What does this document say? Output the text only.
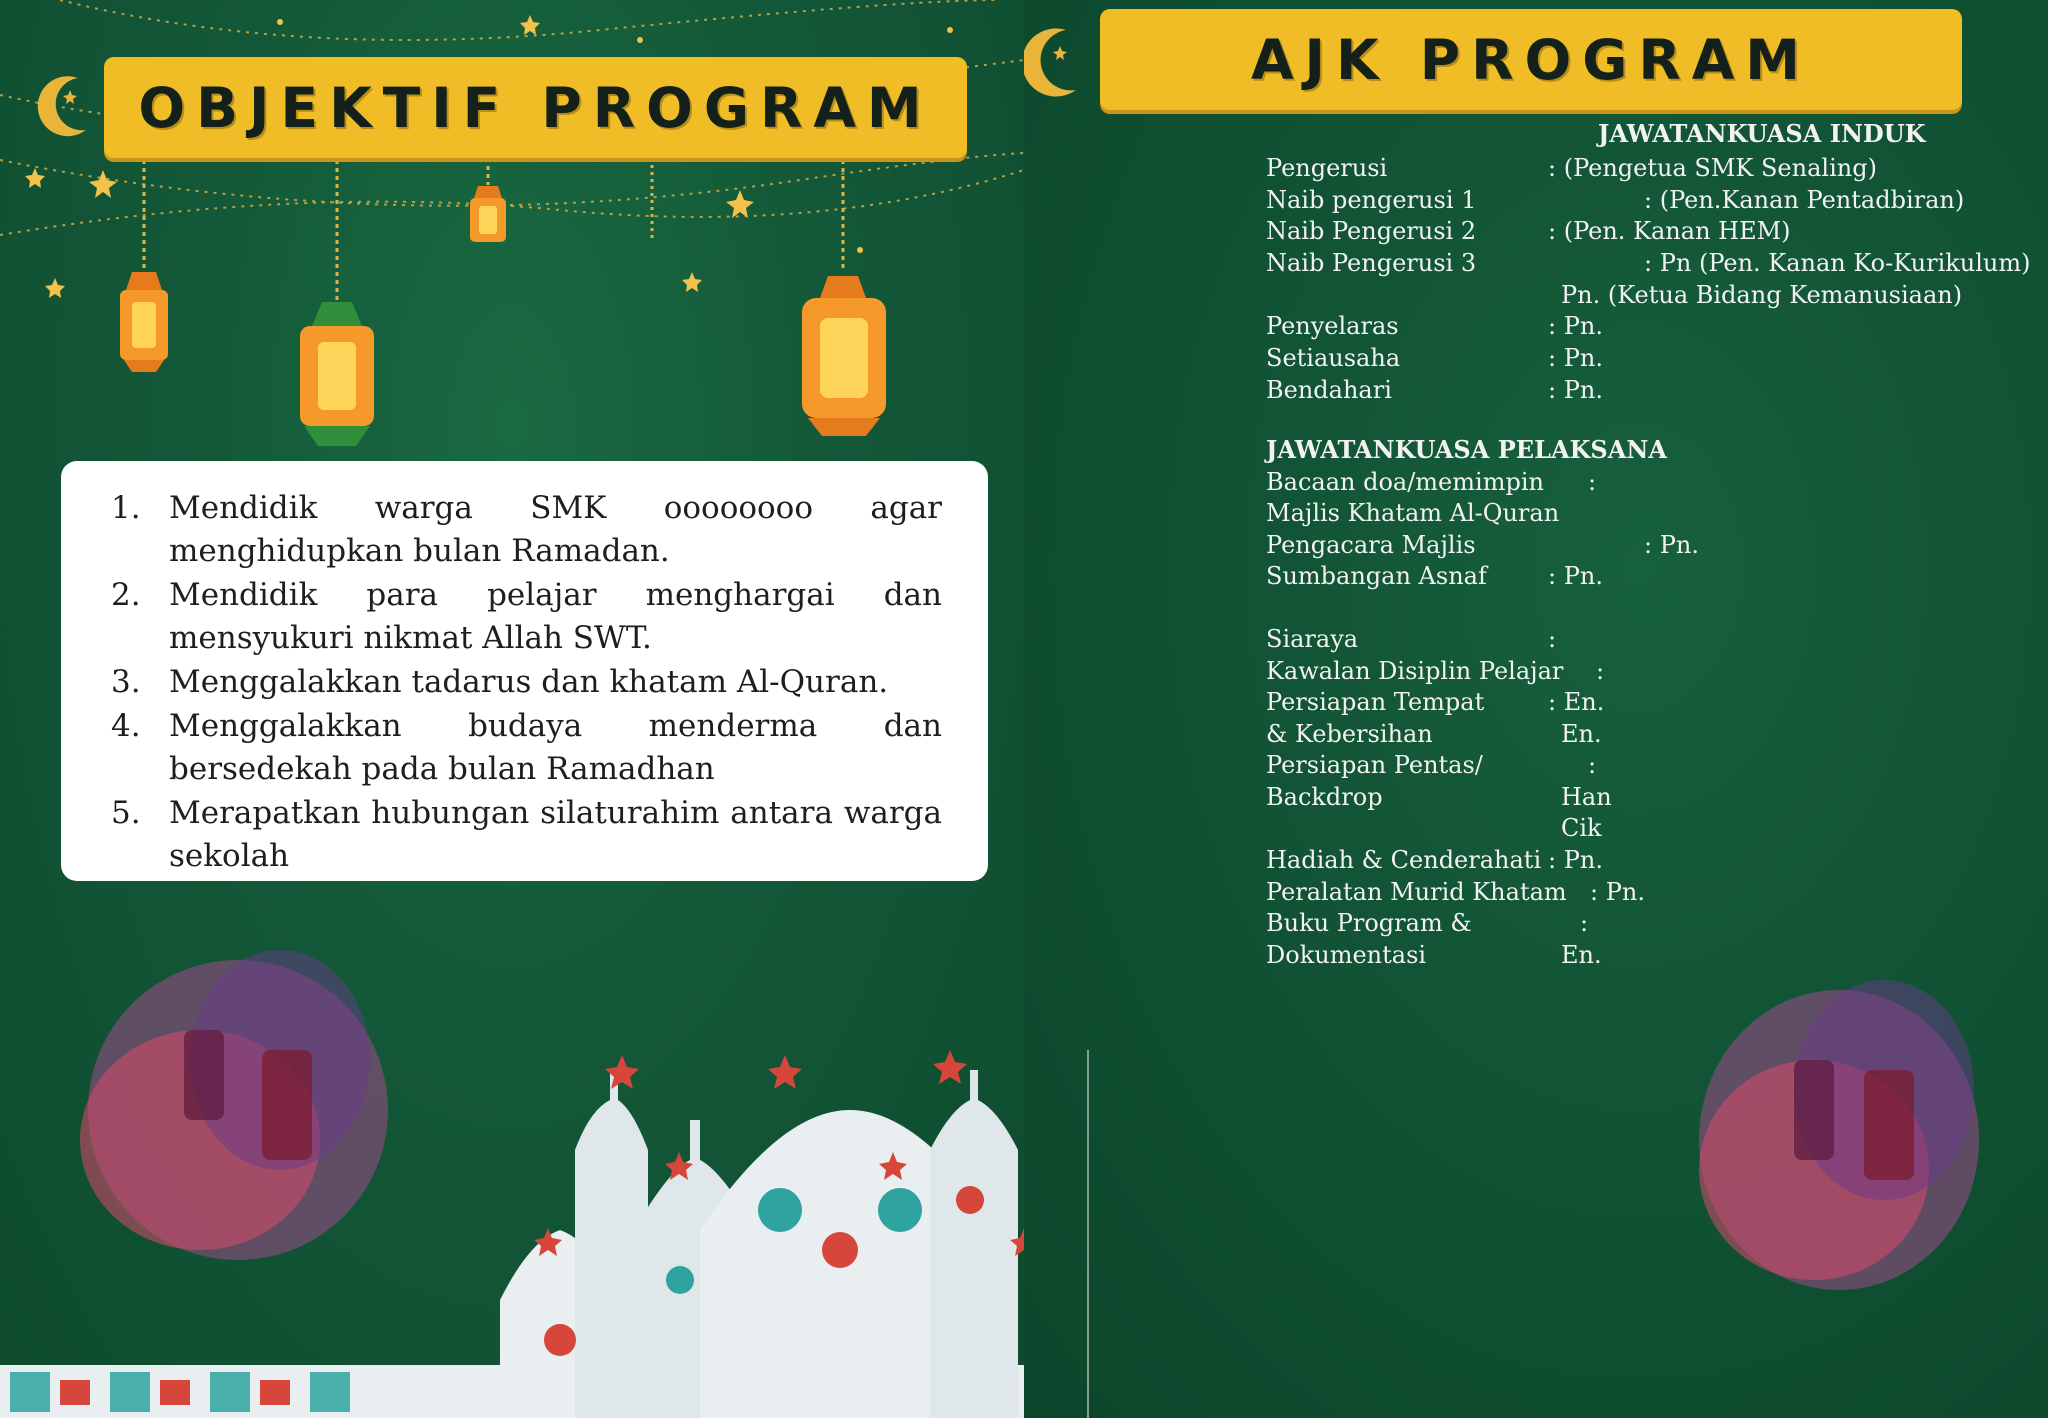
OBJEKTIF PROGRAM
1. Mendidik warga SMK oooooooo agar menghidupkan bulan Ramadan.
2. Mendidik para pelajar menghargai dan mensyukuri nikmat Allah SWT.
3. Menggalakkan tadarus dan khatam Al-Quran.
4. Menggalakkan budaya menderma dan bersedekah pada bulan Ramadhan
5. Merapatkan hubungan silaturahim antara warga sekolah
AJK PROGRAM
JAWATANKUASA INDUK
Pengerusi	: (Pengetua SMK Senaling)
Naib pengerusi 1	: (Pen.Kanan Pentadbiran)
Naib Pengerusi 2	: (Pen. Kanan HEM)
Naib Pengerusi 3	: Pn (Pen. Kanan Ko-Kurikulum)
Pn. (Ketua Bidang Kemanusiaan)
Penyelaras	: Pn.
Setiausaha	: Pn.
Bendahari	: Pn.
JAWATANKUASA PELAKSANA
Bacaan doa/memimpin :
Majlis Khatam Al-Quran
Pengacara Majlis	: Pn.
Sumbangan Asnaf	: Pn.
Siaraya	:
Kawalan Disiplin Pelajar :
Persiapan Tempat	: En.
& Kebersihan	En.
Persiapan Pentas/	:
Backdrop	Han
Cik
Hadiah & Cenderahati : Pn.
Peralatan Murid Khatam : Pn.
Buku Program &	:
Dokumentasi	En.
